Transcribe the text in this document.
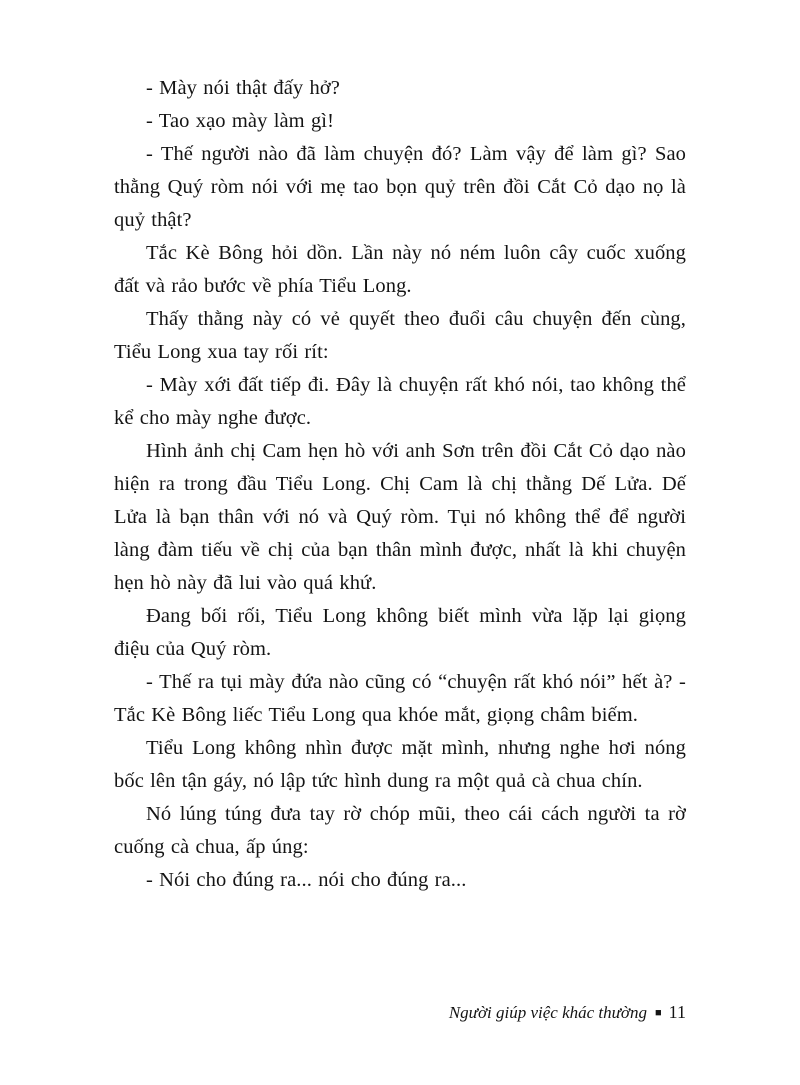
- Mày nói thật đấy hở?

- Tao xạo mày làm gì!

- Thế người nào đã làm chuyện đó? Làm vậy để làm gì? Sao thằng Quý ròm nói với mẹ tao bọn quỷ trên đồi Cắt Cỏ dạo nọ là quỷ thật?

Tắc Kè Bông hỏi dồn. Lần này nó ném luôn cây cuốc xuống đất và rảo bước về phía Tiểu Long.

Thấy thằng này có vẻ quyết theo đuổi câu chuyện đến cùng, Tiểu Long xua tay rối rít:

- Mày xới đất tiếp đi. Đây là chuyện rất khó nói, tao không thể kể cho mày nghe được.

Hình ảnh chị Cam hẹn hò với anh Sơn trên đồi Cắt Cỏ dạo nào hiện ra trong đầu Tiểu Long. Chị Cam là chị thằng Dế Lửa. Dế Lửa là bạn thân với nó và Quý ròm. Tụi nó không thể để người làng đàm tiếu về chị của bạn thân mình được, nhất là khi chuyện hẹn hò này đã lui vào quá khứ.

Đang bối rối, Tiểu Long không biết mình vừa lặp lại giọng điệu của Quý ròm.

- Thế ra tụi mày đứa nào cũng có “chuyện rất khó nói” hết à? - Tắc Kè Bông liếc Tiểu Long qua khóe mắt, giọng châm biếm.

Tiểu Long không nhìn được mặt mình, nhưng nghe hơi nóng bốc lên tận gáy, nó lập tức hình dung ra một quả cà chua chín.

Nó lúng túng đưa tay rờ chóp mũi, theo cái cách người ta rờ cuống cà chua, ấp úng:

- Nói cho đúng ra... nói cho đúng ra...

Người giúp việc khác thường ■ 11
